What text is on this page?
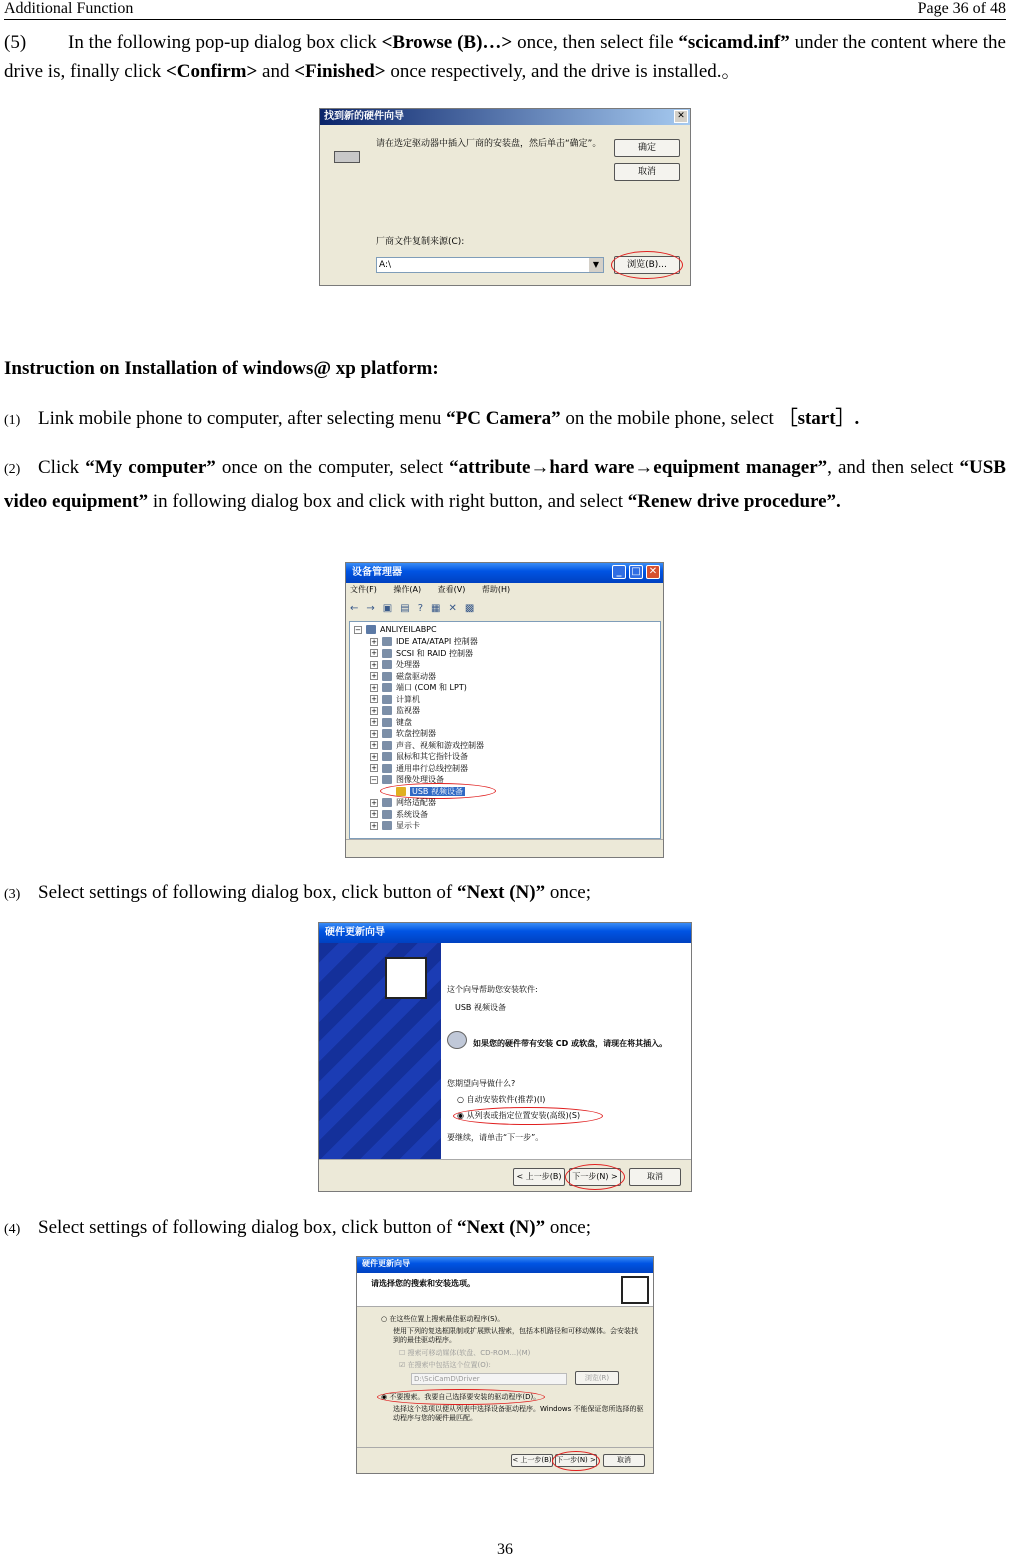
Additional Function	Page 36 of 48
(5) In the following pop-up dialog box click <Browse (B)…> once, then select file “scicamd.inf” under the content where the drive is, finally click <Confirm> and <Finished> once respectively, and the drive is installed.。
找到新的硬件向导	✕
请在选定驱动器中插入厂商的安装盘，然后单击“确定”。	确定
取消
厂商文件复制来源(C):
A:\	▼	浏览(B)...
Instruction on Installation of windows@ xp platform:
(1) Link mobile phone to computer, after selecting menu “PC Camera” on the mobile phone, select ［start］.
(2) Click “My computer” once on the computer, select “attribute→hard ware→equipment manager”, and then select “USB video equipment” in following dialog box and click with right button, and select “Renew drive procedure”.
设备管理器	_ □ ✕
文件(F) 操作(A) 查看(V) 帮助(H)
←→▣▤?▦✕▩
− ANLIYEILABPC
+ IDE ATA/ATAPI 控制器
+ SCSI 和 RAID 控制器
+ 处理器
+ 磁盘驱动器
+ 端口 (COM 和 LPT)
+ 计算机
+ 监视器
+ 键盘
+ 软盘控制器
+ 声音、视频和游戏控制器
+ 鼠标和其它指针设备
+ 通用串行总线控制器
− 图像处理设备
USB 视频设备
+ 网络适配器
+ 系统设备
+ 显示卡
(3) Select settings of following dialog box, click button of “Next (N)” once;
硬件更新向导
这个向导帮助您安装软件:
USB 视频设备
如果您的硬件带有安装 CD 或软盘，请现在将其插入。
您期望向导做什么?
○ 自动安装软件(推荐)(I)
◉ 从列表或指定位置安装(高级)(S)
要继续，请单击“下一步”。
< 上一步(B)	下一步(N) >	取消
(4) Select settings of following dialog box, click button of “Next (N)” once;
硬件更新向导
请选择您的搜索和安装选项。
○ 在这些位置上搜索最佳驱动程序(S)。
使用下列的复选框限制或扩展默认搜索，包括本机路径和可移动媒体。会安装找到的最佳驱动程序。
☐ 搜索可移动媒体(软盘、CD-ROM...)(M)
☑ 在搜索中包括这个位置(O):
D:\SciCamD\Driver	浏览(R)
◉ 不要搜索。我要自己选择要安装的驱动程序(D)。
选择这个选项以便从列表中选择设备驱动程序。Windows 不能保证您所选择的驱动程序与您的硬件最匹配。
< 上一步(B) 下一步(N) >	取消
36
